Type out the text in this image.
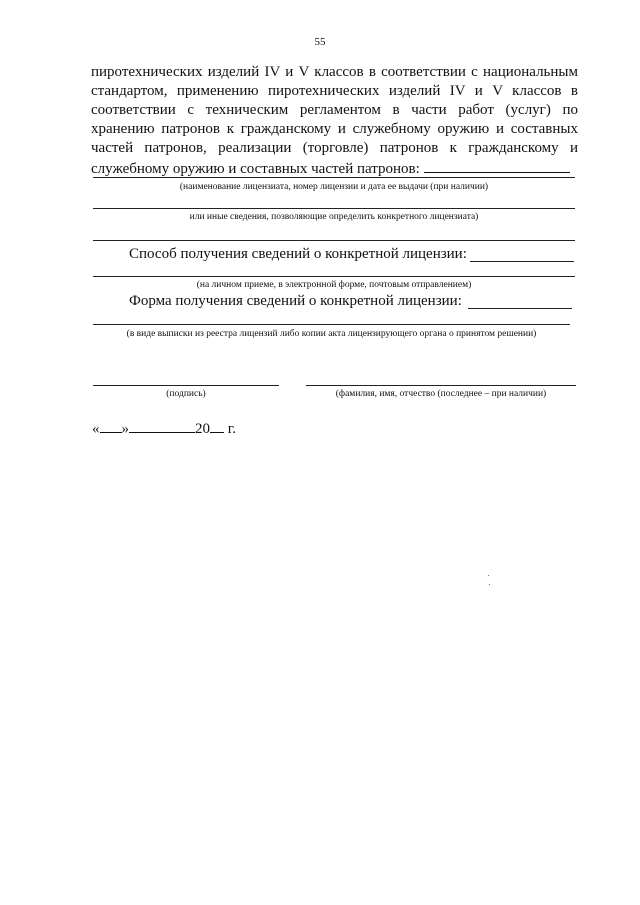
55
пиротехнических изделий IV и V классов в соответствии с национальным
стандартом, применению пиротехнических изделий IV и V классов в
соответствии с техническим регламентом в части работ (услуг) по
хранению патронов к гражданскому и служебному оружию и составных
частей патронов, реализации (торговле) патронов к гражданскому и
служебному оружию и составных частей патронов:
(наименование лицензиата, номер лицензии и дата ее выдачи (при наличии)
или иные сведения, позволяющие определить конкретного лицензиата)
Способ получения сведений о конкретной лицензии:
(на личном приеме, в электронной форме, почтовым отправлением)
Форма получения сведений о конкретной лицензии:
(в виде выписки из реестра лицензий либо копии акта лицензирующего органа о принятом решении)
(подпись)	(фамилия, имя, отчество (последнее – при наличии)
« »	20 г.
